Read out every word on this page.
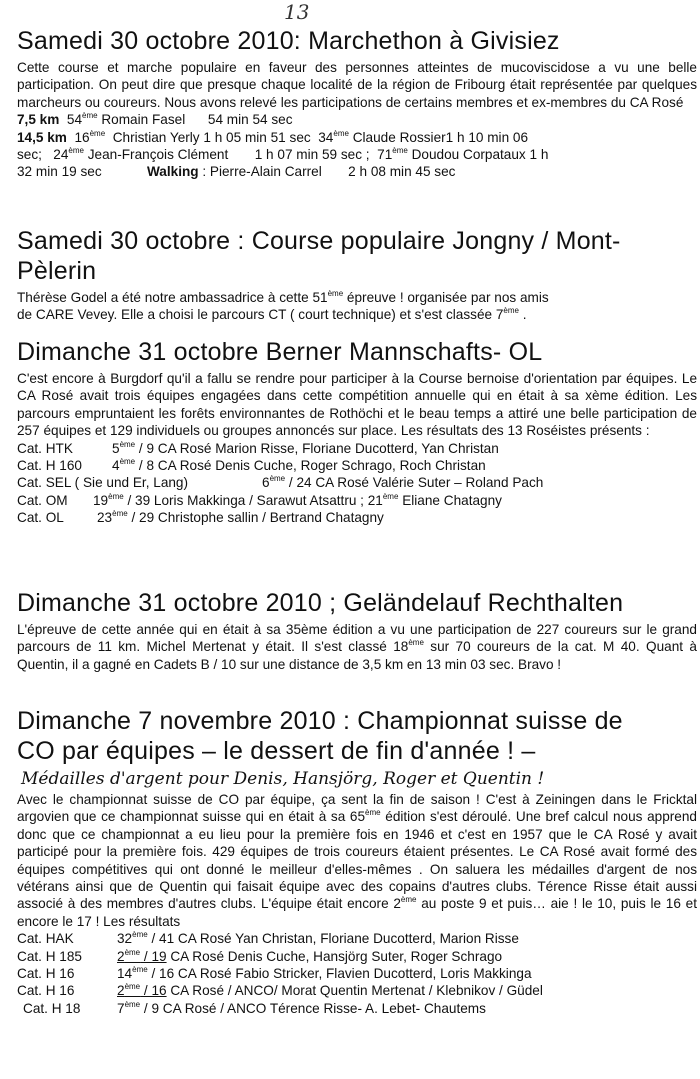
13
Samedi 30 octobre 2010: Marchethon à Givisiez
Cette course et marche populaire en faveur des personnes atteintes de mucoviscidose a vu une belle participation. On peut dire que presque chaque localité de la région de Fribourg était représentée par quelques marcheurs ou coureurs. Nous avons relevé les participations de certains membres et ex-membres du CA Rosé
7,5 km 54ème Romain Fasel 54 min 54 sec
14,5 km 16ème Christian Yerly 1 h 05 min 51 sec 34ème Claude Rossier1 h 10 min 06
sec; 24ème Jean-François Clément 1 h 07 min 59 sec ; 71ème Doudou Corpataux 1 h
32 min 19 sec	Walking : Pierre-Alain Carrel 2 h 08 min 45 sec
Samedi 30 octobre : Course populaire Jongny / Mont-
Pèlerin
Thérèse Godel a été notre ambassadrice à cette 51ème épreuve ! organisée par nos amis
de CARE Vevey. Elle a choisi le parcours CT ( court technique) et s'est classée 7ème .
Dimanche 31 octobre Berner Mannschafts- OL
C'est encore à Burgdorf qu'il a fallu se rendre pour participer à la Course bernoise d'orientation par équipes. Le CA Rosé avait trois équipes engagées dans cette compétition annuelle qui en était à sa xème édition. Les parcours empruntaient les forêts environnantes de Rothöchi et le beau temps a attiré une belle participation de 257 équipes et 129 individuels ou groupes annoncés sur place. Les résultats des 13 Roséistes présents :
Cat. HTK	5ème / 9 CA Rosé Marion Risse, Floriane Ducotterd, Yan Christan
Cat. H 160 4ème / 8 CA Rosé Denis Cuche, Roger Schrago, Roch Christan
Cat. SEL ( Sie und Er, Lang)	6ème / 24 CA Rosé Valérie Suter – Roland Pach
Cat. OM 19ème / 39 Loris Makkinga / Sarawut Atsattru ; 21ème Eliane Chatagny
Cat. OL 23ème / 29 Christophe sallin / Bertrand Chatagny
Dimanche 31 octobre 2010 ; Geländelauf Rechthalten
L'épreuve de cette année qui en était à sa 35ème édition a vu une participation de 227 coureurs sur le grand parcours de 11 km. Michel Mertenat y était. Il s'est classé 18ème sur 70 coureurs de la cat. M 40. Quant à Quentin, il a gagné en Cadets B / 10 sur une distance de 3,5 km en 13 min 03 sec. Bravo !
Dimanche 7 novembre 2010 : Championnat suisse de
CO par équipes – le dessert de fin d'année ! –
Médailles d'argent pour Denis, Hansjörg, Roger et Quentin !
Avec le championnat suisse de CO par équipe, ça sent la fin de saison ! C'est à Zeiningen dans le Fricktal argovien que ce championnat suisse qui en était à sa 65ème édition s'est déroulé. Une bref calcul nous apprend donc que ce championnat a eu lieu pour la première fois en 1946 et c'est en 1957 que le CA Rosé y avait participé pour la première fois. 429 équipes de trois coureurs étaient présentes. Le CA Rosé avait formé des équipes compétitives qui ont donné le meilleur d'elles-mêmes . On saluera les médailles d'argent de nos vétérans ainsi que de Quentin qui faisait équipe avec des copains d'autres clubs. Térence Risse était aussi associé à des membres d'autres clubs. L'équipe était encore 2ème au poste 9 et puis… aie ! le 10, puis le 16 et encore le 17 ! Les résultats
Cat. HAK	32ème / 41 CA Rosé Yan Christan, Floriane Ducotterd, Marion Risse
Cat. H 185	2ème / 19 CA Rosé Denis Cuche, Hansjörg Suter, Roger Schrago
Cat. H 16	14ème / 16 CA Rosé Fabio Stricker, Flavien Ducotterd, Loris Makkinga
Cat. H 16	2ème / 16 CA Rosé / ANCO/ Morat Quentin Mertenat / Klebnikov / Güdel
Cat. H 18	7ème / 9 CA Rosé / ANCO Térence Risse- A. Lebet- Chautems
